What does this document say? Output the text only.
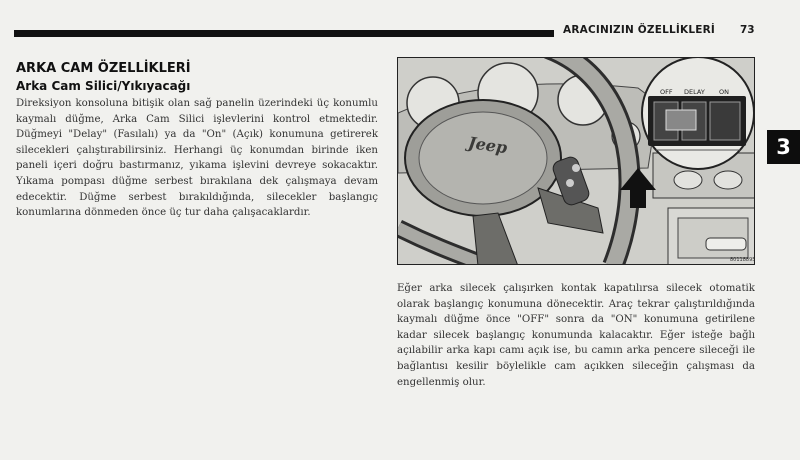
ARACINIZIN ÖZELLİKLERİ 73
3
ARKA CAM ÖZELLİKLERİ
Arka Cam Silici/Yıkıyacağı

Direksiyon konsoluna bitişik olan sağ panelin üzerindeki üç konumlu kaymalı düğme, Arka Cam Silici işlevlerini kontrol etmektedir. Düğmeyi "Delay" (Fasılalı) ya da "On" (Açık) konumuna getirerek silecekleri çalıştırabilirsiniz. Herhangi üç konumdan birinde iken paneli içeri doğru bastırmanız, yıkama işlevini devreye sokacaktır. Yıkama pompası düğme serbest bırakılana dek çalışmaya devam edecektir. Düğme serbest bırakıldığında, silecekler başlangıç konumlarına dönmeden önce üç tur daha çalışacaklardır.

Jeep
OFF DELAY ON
80118895

Eğer arka silecek çalışırken kontak kapatılırsa silecek otomatik olarak başlangıç konumuna dönecektir. Araç tekrar çalıştırıldığında kaymalı düğme önce "OFF" sonra da "ON" konumuna getirilene kadar silecek başlangıç konumunda kalacaktır. Eğer isteğe bağlı açılabilir arka kapı camı açık ise, bu camın arka pencere sileceği ile bağlantısı kesilir böylelikle cam açıkken sileceğin çalışması da engellenmiş olur.
